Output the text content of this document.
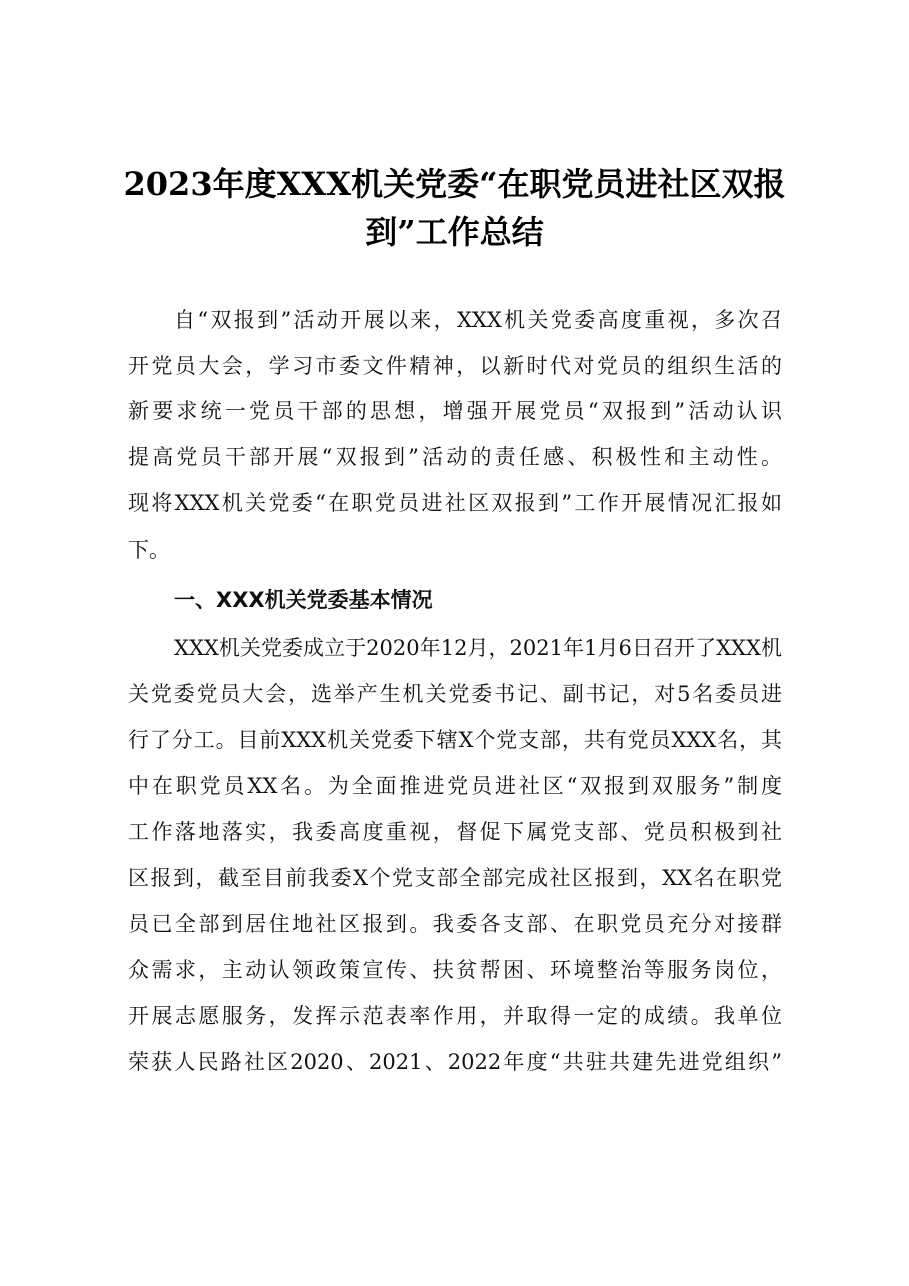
2023年度XXX机关党委“在职党员进社区双报
到”工作总结
自“双报到”活动开展以来，XXX机关党委高度重视，多次召
开党员大会，学习市委文件精神，以新时代对党员的组织生活的
新要求统一党员干部的思想，增强开展党员“双报到”活动认识
提高党员干部开展“双报到”活动的责任感、积极性和主动性。
现将XXX机关党委“在职党员进社区双报到”工作开展情况汇报如
下。
一、XXX机关党委基本情况
XXX机关党委成立于2020年12月，2021年1月6日召开了XXX机
关党委党员大会，选举产生机关党委书记、副书记，对5名委员进
行了分工。目前XXX机关党委下辖X个党支部，共有党员XXX名，其
中在职党员XX名。为全面推进党员进社区“双报到双服务”制度
工作落地落实，我委高度重视，督促下属党支部、党员积极到社
区报到，截至目前我委X个党支部全部完成社区报到，XX名在职党
员已全部到居住地社区报到。我委各支部、在职党员充分对接群
众需求，主动认领政策宣传、扶贫帮困、环境整治等服务岗位，
开展志愿服务，发挥示范表率作用，并取得一定的成绩。我单位
荣获人民路社区2020、2021、2022年度“共驻共建先进党组织”
